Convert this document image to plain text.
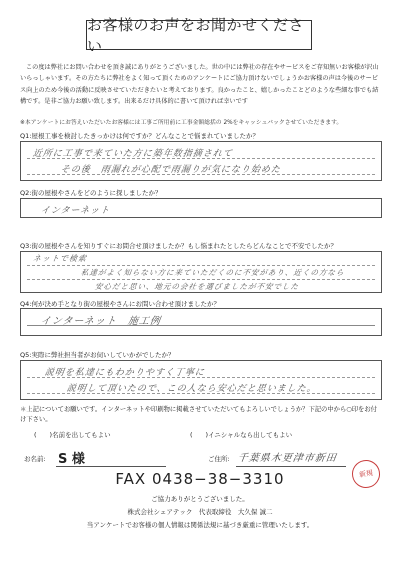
お客様のお声をお聞かせください
この度は弊社にお問い合わせを頂き誠にありがとうございました。世の中には弊社の存在やサービスをご存知無いお客様が沢山いらっしゃいます。その方たちに弊社をよく知って頂くためのアンケートにご協力頂けないでしょうかお客様の声は今後のサービス向上のため今後の活動に反映させていただきたいと考えております。良かったこと、嬉しかったことどのような些細な事でも結構です。是非ご協力お願い致します。出来るだけ具体的に書いて頂ければ幸いです
※本アンケートにお答えいただいたお客様には工事ご所用前に工事金額総括の 2%をキャッシュバックさせていただきます。
Q1:屋根工事を検討したきっかけは何ですか？どんなことで悩まれていましたか？
近所に工事で来ていた方に築年数指摘されて
その後　雨漏れが心配で雨漏りが気になり始めた
Q2:街の屋根やさんをどのように探しましたか？
インターネット
Q3:街の屋根やさんを知りすぐにお問合せ頂けましたか？もし悩まれたとしたらどんなことで不安でしたか？
ネットで検索
私達がよく知らない方に来ていただくのに不安があり、近くの方なら
安心だと思い、地元の会社を選びましたが不安でした
Q4:何が決め手となり街の屋根やさんにお問い合わせ頂けましたか？
インターネット　施工例
Q5:実際に弊社担当者がお伺いしていかがでしたか？
説明を私達にもわかりやすく丁寧に
説明して頂いたので、この人なら安心だと思いました。
＊上記についてお願いです。インターネットや印刷物に掲載させていただいてもよろしいでしょうか？下記の中から○印をお付け下さい。
(　　)名前を出してもよい	(　　)イニシャルなら出してもよい
お名前: S 様	ご住所: 千葉県木更津市新田
新規
FAX 0438−38−3310
ご協力ありがとうございました。
株式会社シェアテック　代表取締役　大久保 誠二
当アンケートでお客様の個人情報は関係法規に基づき厳重に管理いたします。
